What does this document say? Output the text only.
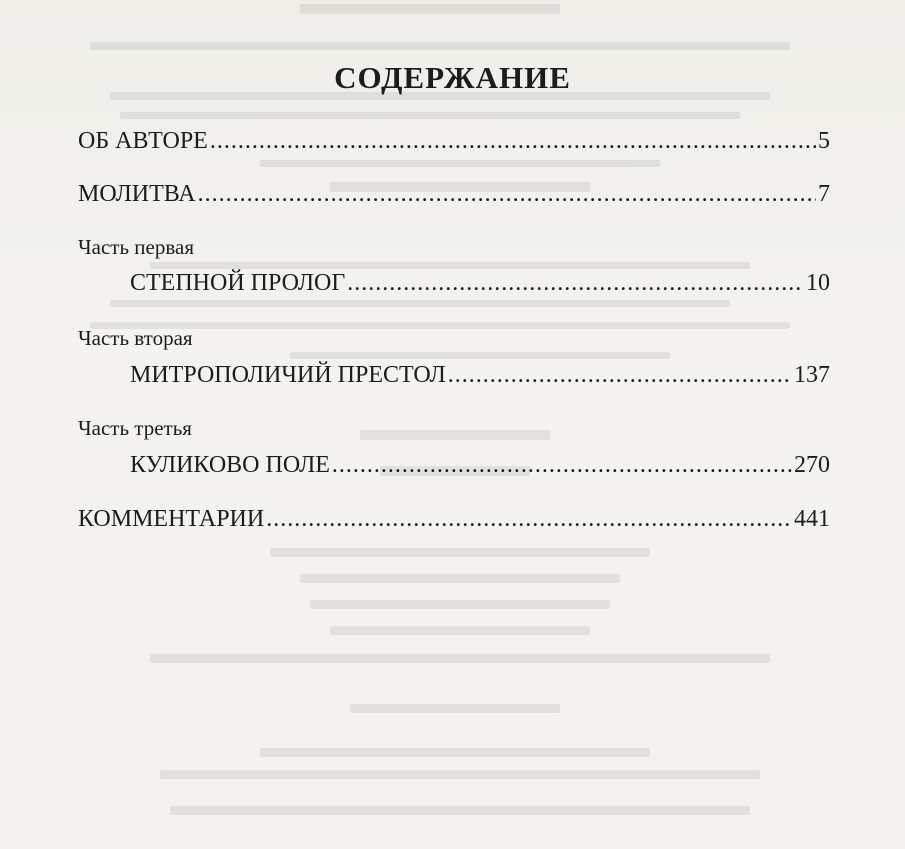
СОДЕРЖАНИЕ
ОБ АВТОРЕ .....	5
МОЛИТВА .....	7
Часть первая
СТЕПНОЙ ПРОЛОГ .....	10
Часть вторая
МИТРОПОЛИЧИЙ ПРЕСТОЛ .....	137
Часть третья
КУЛИКОВО ПОЛЕ .....	270
КОММЕНТАРИИ .....	441
